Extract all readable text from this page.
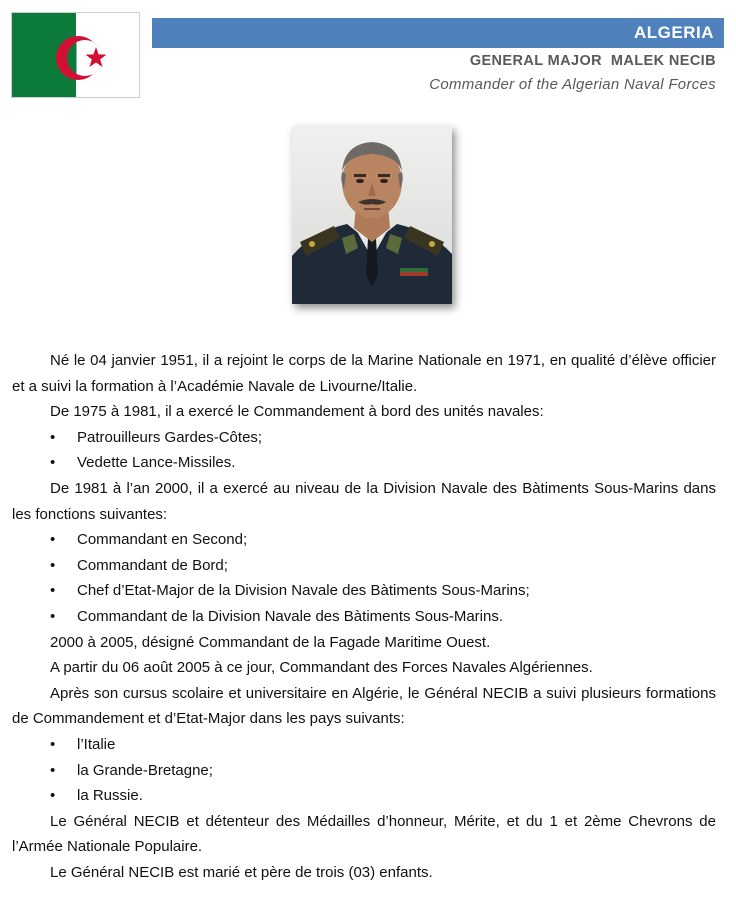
ALGERIA
GENERAL MAJOR  MALEK NECIB
Commander of the Algerian Naval Forces

Né le 04 janvier 1951, il a rejoint le corps de la Marine Nationale en 1971, en qualité d’élève officier et a suivi la formation à l’Académie Navale de Livourne/Italie.

De 1975 à 1981, il a exercé le Commandement à bord des unités navales:

• Patrouilleurs Gardes-Côtes;
• Vedette Lance-Missiles.

De 1981 à l’an 2000, il a exercé au niveau de la Division Navale des Bàtiments Sous-Marins dans les fonctions suivantes:

• Commandant en Second;
• Commandant de Bord;
• Chef d’Etat-Major de la Division Navale des Bàtiments Sous-Marins;
• Commandant de la Division Navale des Bàtiments Sous-Marins.

2000 à 2005, désigné Commandant de la Fagade Maritime Ouest.

A partir du 06 août 2005 à ce jour, Commandant des Forces Navales Algériennes.

Après son cursus scolaire et universitaire en Algérie, le Général NECIB a suivi plusieurs formations de Commandement et d’Etat-Major dans les pays suivants:

• l’Italie
• la Grande-Bretagne;
• la Russie.

Le Général NECIB et détenteur des Médailles d’honneur, Mérite, et du 1 et 2ème Chevrons de l’Armée Nationale Populaire.

Le Général NECIB est marié et père de trois (03) enfants.
